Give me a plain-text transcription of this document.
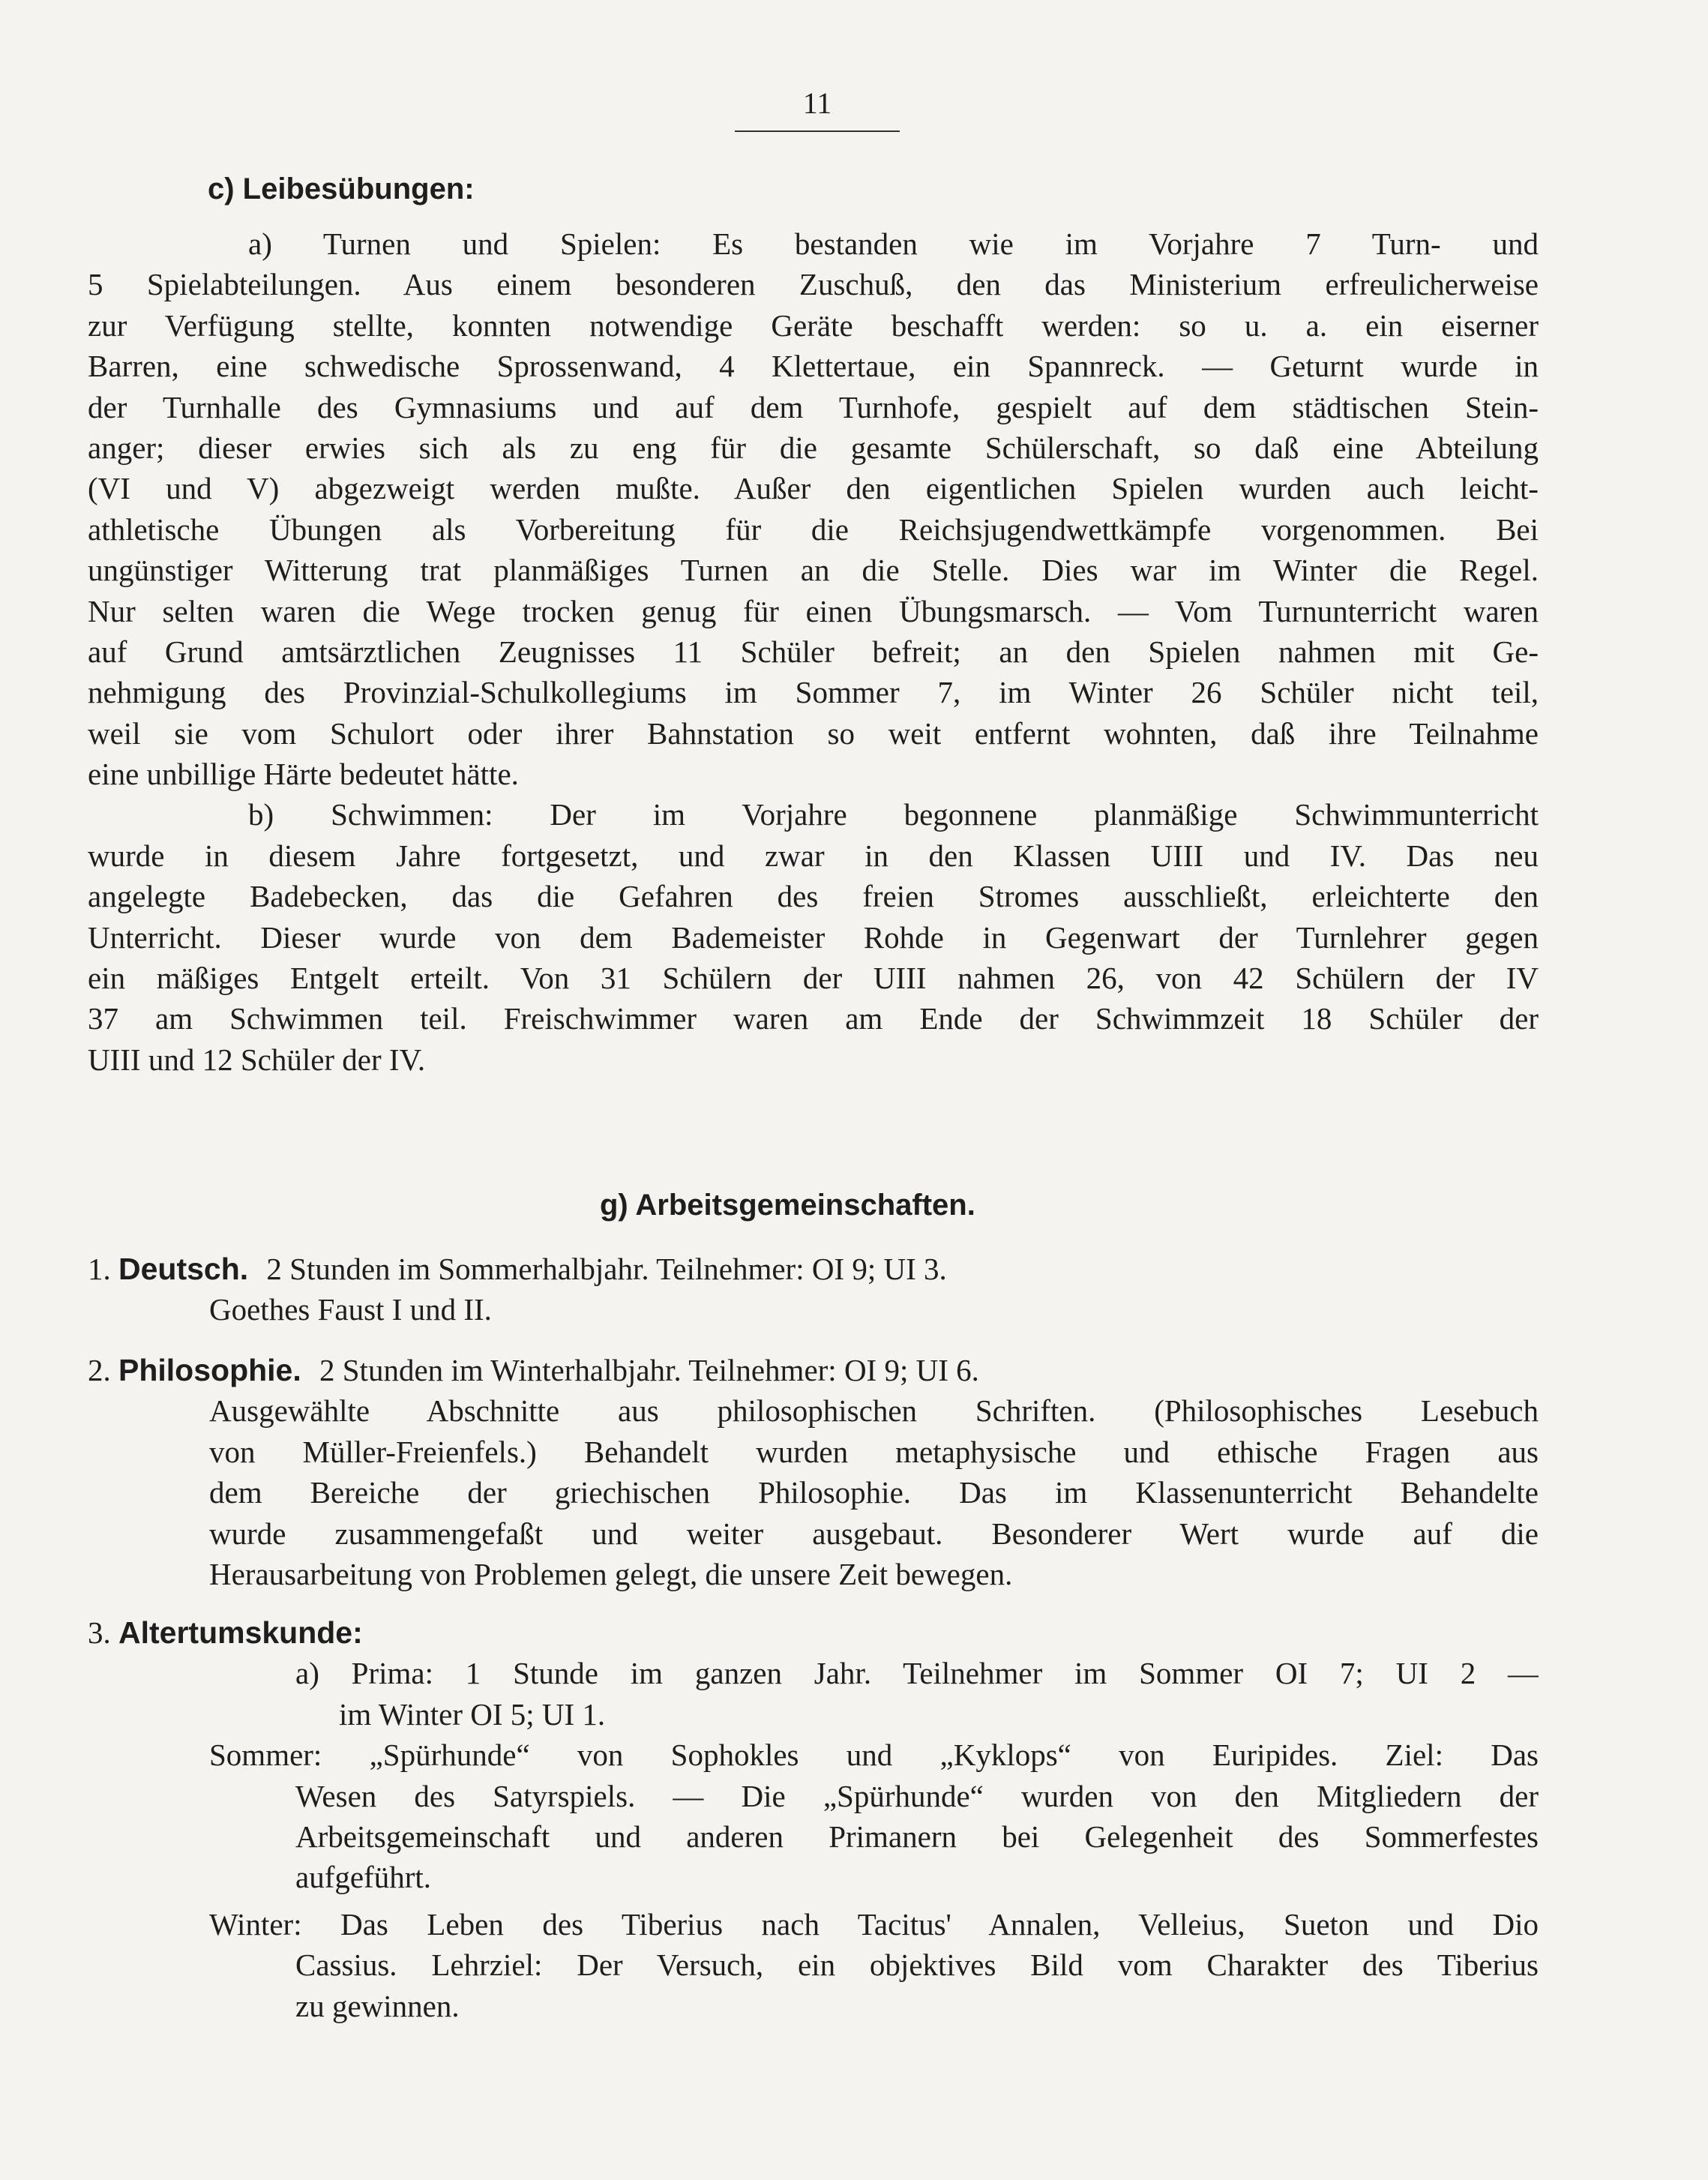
11
c) Leibesübungen:
a) Turnen und Spielen: Es bestanden wie im Vorjahre 7 Turn- und
5 Spielabteilungen. Aus einem besonderen Zuschuß, den das Ministerium erfreulicherweise
zur Verfügung stellte, konnten notwendige Geräte beschafft werden: so u. a. ein eiserner
Barren, eine schwedische Sprossenwand, 4 Klettertaue, ein Spannreck. — Geturnt wurde in
der Turnhalle des Gymnasiums und auf dem Turnhofe, gespielt auf dem städtischen Stein-
anger; dieser erwies sich als zu eng für die gesamte Schülerschaft, so daß eine Abteilung
(VI und V) abgezweigt werden mußte. Außer den eigentlichen Spielen wurden auch leicht-
athletische Übungen als Vorbereitung für die Reichsjugendwettkämpfe vorgenommen. Bei
ungünstiger Witterung trat planmäßiges Turnen an die Stelle. Dies war im Winter die Regel.
Nur selten waren die Wege trocken genug für einen Übungsmarsch. — Vom Turnunterricht waren
auf Grund amtsärztlichen Zeugnisses 11 Schüler befreit; an den Spielen nahmen mit Ge-
nehmigung des Provinzial-Schulkollegiums im Sommer 7, im Winter 26 Schüler nicht teil,
weil sie vom Schulort oder ihrer Bahnstation so weit entfernt wohnten, daß ihre Teilnahme
eine unbillige Härte bedeutet hätte.
b) Schwimmen: Der im Vorjahre begonnene planmäßige Schwimmunterricht
wurde in diesem Jahre fortgesetzt, und zwar in den Klassen UIII und IV. Das neu
angelegte Badebecken, das die Gefahren des freien Stromes ausschließt, erleichterte den
Unterricht. Dieser wurde von dem Bademeister Rohde in Gegenwart der Turnlehrer gegen
ein mäßiges Entgelt erteilt. Von 31 Schülern der UIII nahmen 26, von 42 Schülern der IV
37 am Schwimmen teil. Freischwimmer waren am Ende der Schwimmzeit 18 Schüler der
UIII und 12 Schüler der IV.
g) Arbeitsgemeinschaften.
1. Deutsch. 2 Stunden im Sommerhalbjahr. Teilnehmer: OI 9; UI 3.
Goethes Faust I und II.
2. Philosophie. 2 Stunden im Winterhalbjahr. Teilnehmer: OI 9; UI 6.
Ausgewählte Abschnitte aus philosophischen Schriften. (Philosophisches Lesebuch
von Müller-Freienfels.) Behandelt wurden metaphysische und ethische Fragen aus
dem Bereiche der griechischen Philosophie. Das im Klassenunterricht Behandelte
wurde zusammengefaßt und weiter ausgebaut. Besonderer Wert wurde auf die
Herausarbeitung von Problemen gelegt, die unsere Zeit bewegen.
3. Altertumskunde:
a) Prima: 1 Stunde im ganzen Jahr. Teilnehmer im Sommer OI 7; UI 2 —
im Winter OI 5; UI 1.
Sommer: „Spürhunde“ von Sophokles und „Kyklops“ von Euripides. Ziel: Das
Wesen des Satyrspiels. — Die „Spürhunde“ wurden von den Mitgliedern der
Arbeitsgemeinschaft und anderen Primanern bei Gelegenheit des Sommerfestes
aufgeführt.
Winter: Das Leben des Tiberius nach Tacitus' Annalen, Velleius, Sueton und Dio
Cassius. Lehrziel: Der Versuch, ein objektives Bild vom Charakter des Tiberius
zu gewinnen.
